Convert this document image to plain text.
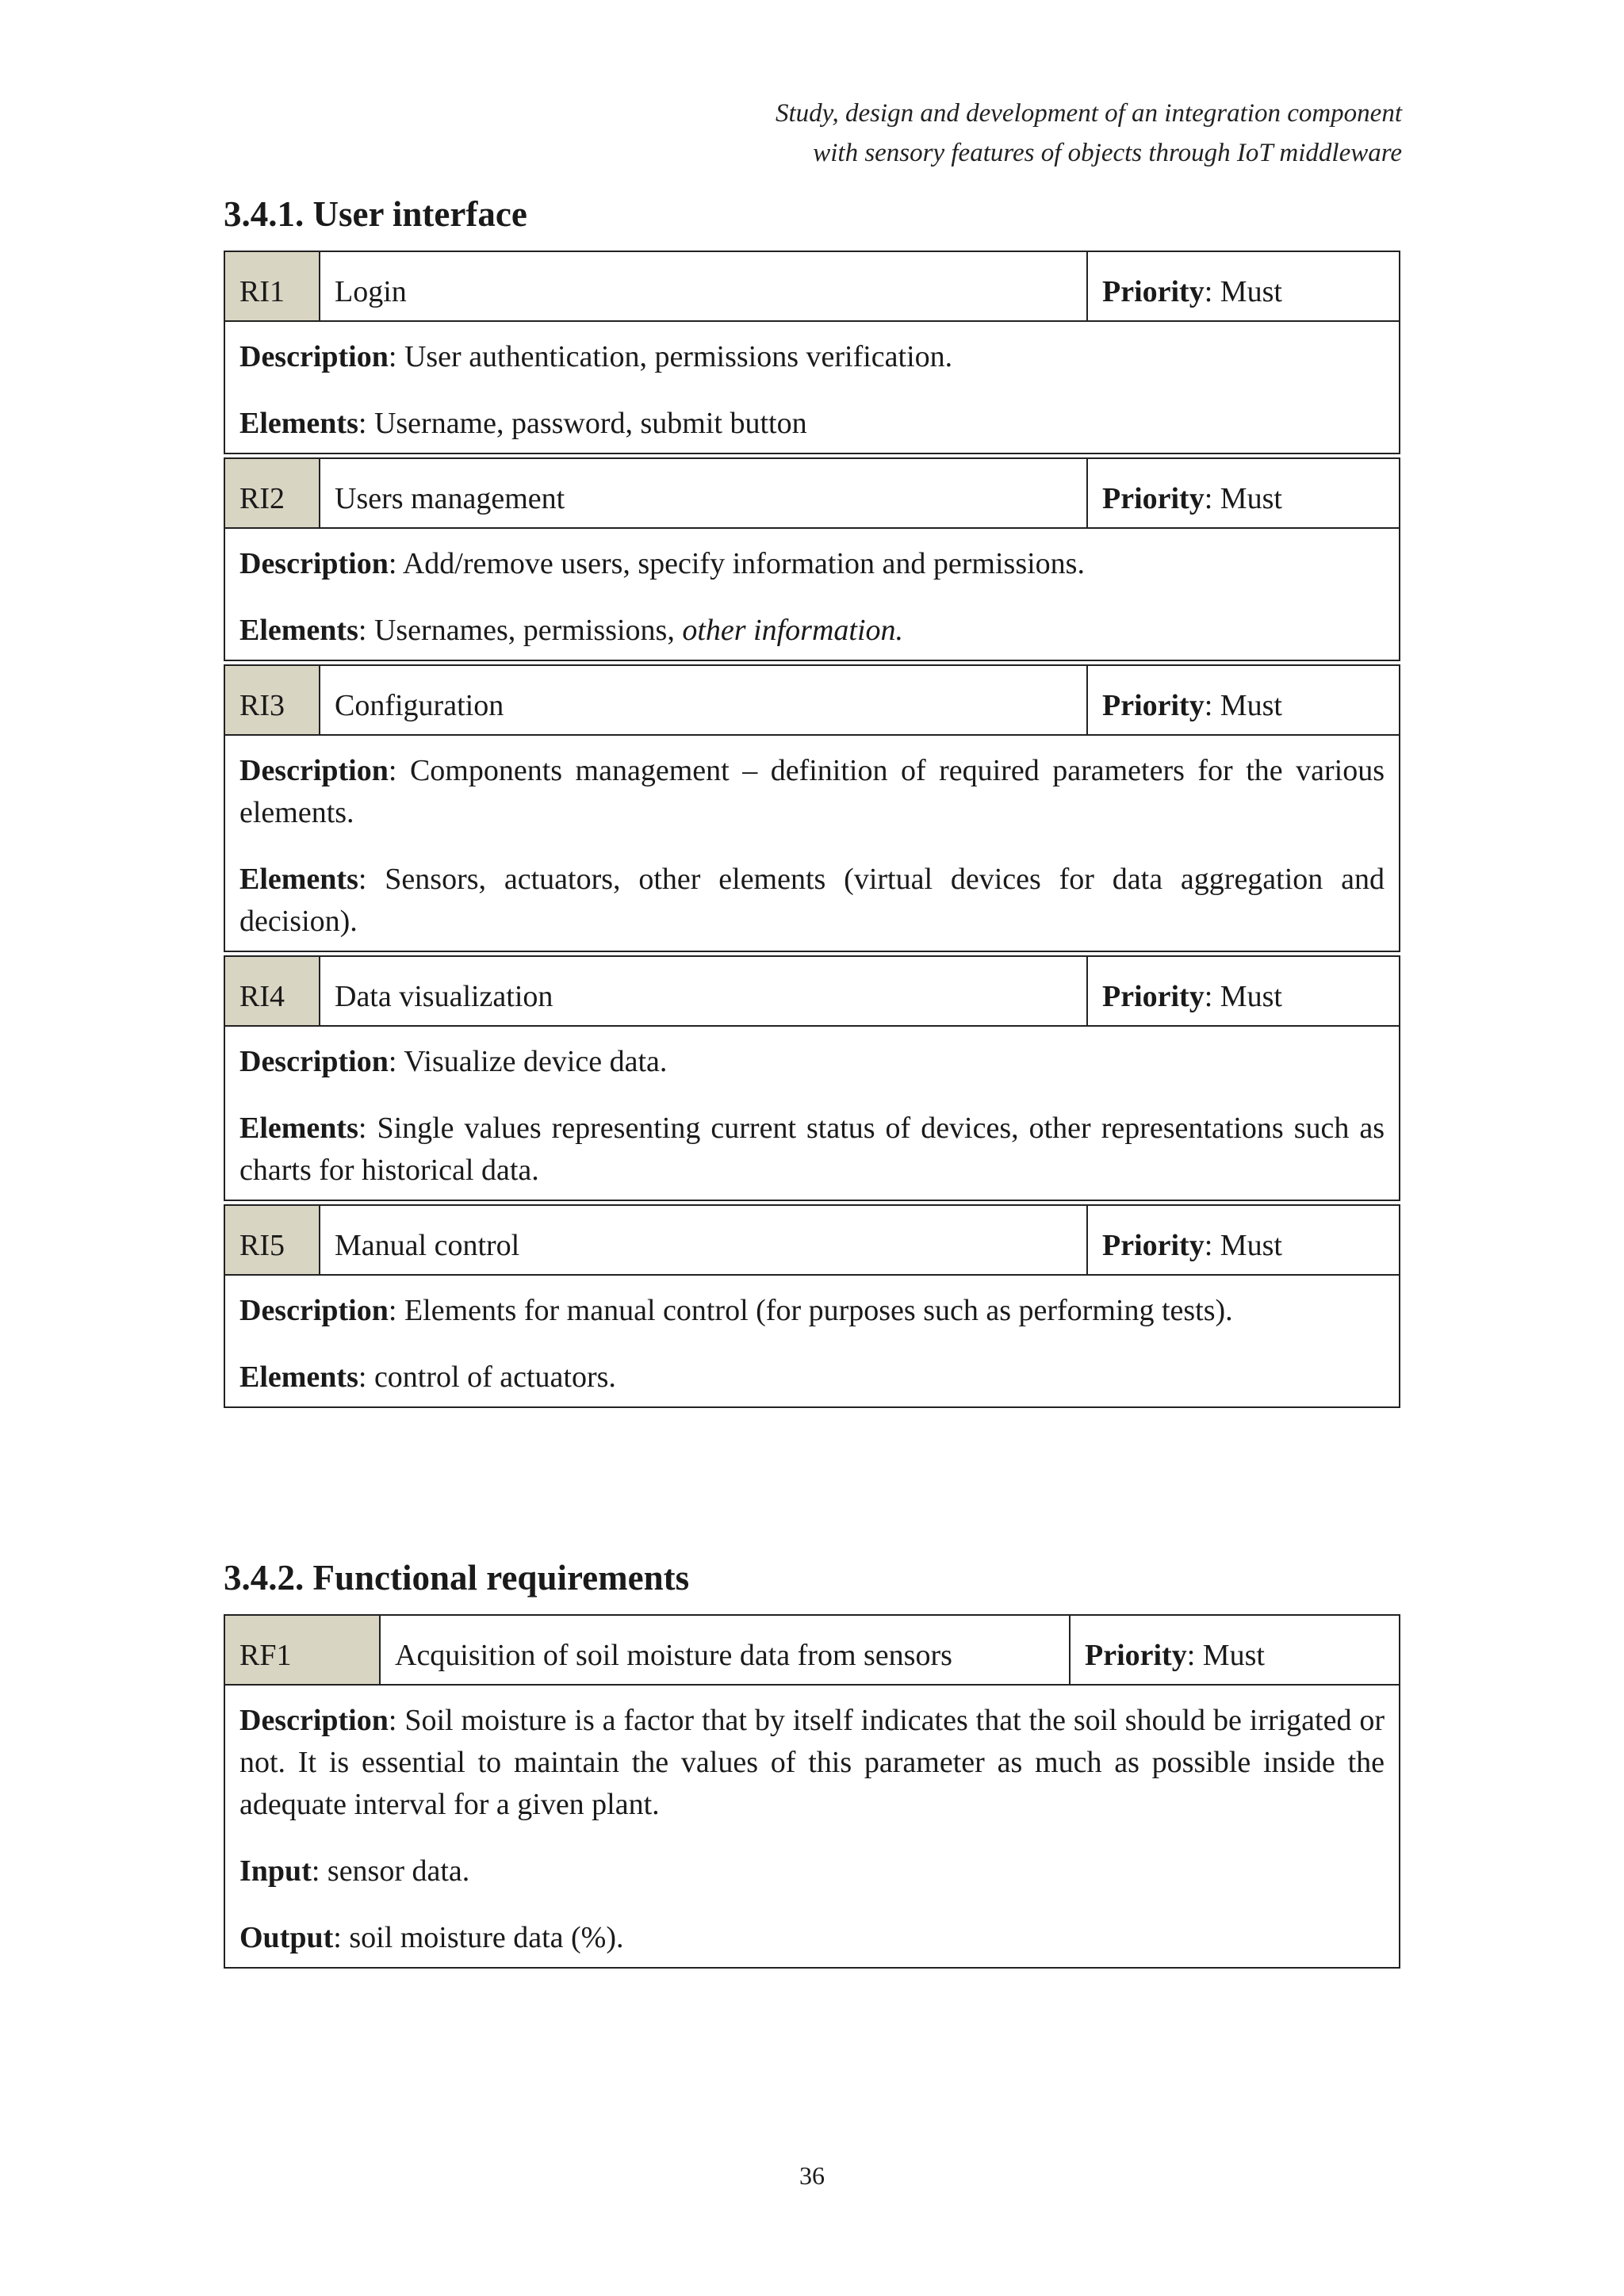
Study, design and development of an integration component
with sensory features of objects through IoT middleware
3.4.1. User interface
RI1	Login	Priority : Must

Description: User authentication, permissions verification.

Elements: Username, password, submit button

RI2	Users management	Priority : Must

Description: Add/remove users, specify information and permissions.

Elements: Usernames, permissions, other information.

RI3	Configuration	Priority : Must

Description: Components management – definition of required parameters for the various elements.

Elements: Sensors, actuators, other elements (virtual devices for data aggregation and decision).

RI4	Data visualization	Priority : Must

Description: Visualize device data.

Elements: Single values representing current status of devices, other representations such as charts for historical data.

RI5	Manual control	Priority : Must

Description: Elements for manual control (for purposes such as performing tests).

Elements: control of actuators.

3.4.2. Functional requirements
RF1	Acquisition of soil moisture data from sensors	Priority : Must

Description: Soil moisture is a factor that by itself indicates that the soil should be irrigated or not. It is essential to maintain the values of this parameter as much as possible inside the adequate interval for a given plant.

Input: sensor data.

Output: soil moisture data (%).

36
